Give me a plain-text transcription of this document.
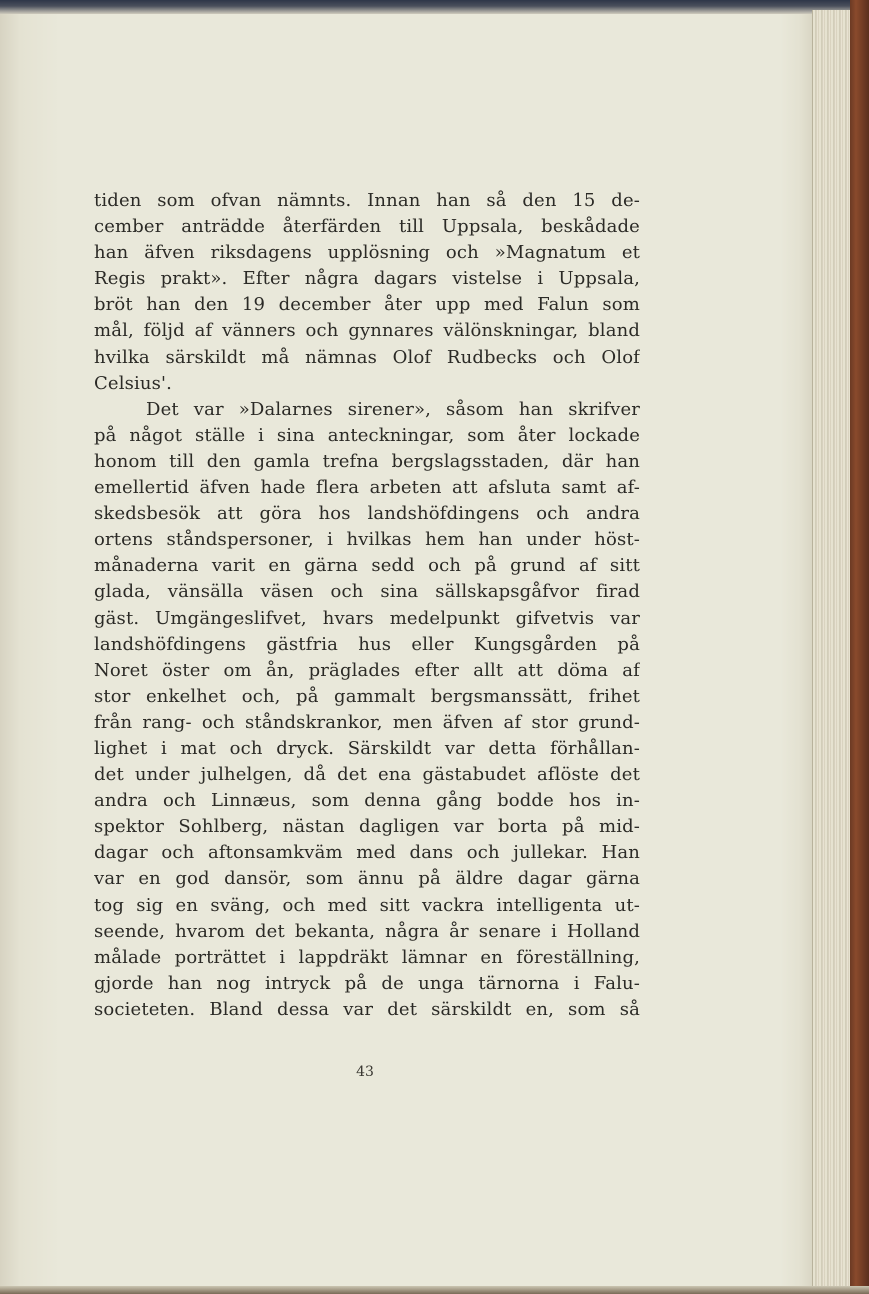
tiden som ofvan nämnts. Innan han så den 15 de-
cember anträdde återfärden till Uppsala, beskådade
han äfven riksdagens upplösning och »Magnatum et
Regis prakt». Efter några dagars vistelse i Uppsala,
bröt han den 19 december åter upp med Falun som
mål, följd af vänners och gynnares välönskningar, bland
hvilka särskildt må nämnas Olof Rudbecks och Olof
Celsius'.
Det var »Dalarnes sirener», såsom han skrifver
på något ställe i sina anteckningar, som åter lockade
honom till den gamla trefna bergslagsstaden, där han
emellertid äfven hade flera arbeten att afsluta samt af-
skedsbesök att göra hos landshöfdingens och andra
ortens ståndspersoner, i hvilkas hem han under höst-
månaderna varit en gärna sedd och på grund af sitt
glada, vänsälla väsen och sina sällskapsgåfvor firad
gäst. Umgängeslifvet, hvars medelpunkt gifvetvis var
landshöfdingens gästfria hus eller Kungsgården på
Noret öster om ån, präglades efter allt att döma af
stor enkelhet och, på gammalt bergsmanssätt, frihet
från rang- och ståndskrankor, men äfven af stor grund-
lighet i mat och dryck. Särskildt var detta förhållan-
det under julhelgen, då det ena gästabudet aflöste det
andra och Linnæus, som denna gång bodde hos in-
spektor Sohlberg, nästan dagligen var borta på mid-
dagar och aftonsamkväm med dans och jullekar. Han
var en god dansör, som ännu på äldre dagar gärna
tog sig en sväng, och med sitt vackra intelligenta ut-
seende, hvarom det bekanta, några år senare i Holland
målade porträttet i lappdräkt lämnar en föreställning,
gjorde han nog intryck på de unga tärnorna i Falu-
societeten. Bland dessa var det särskildt en, som så
43
